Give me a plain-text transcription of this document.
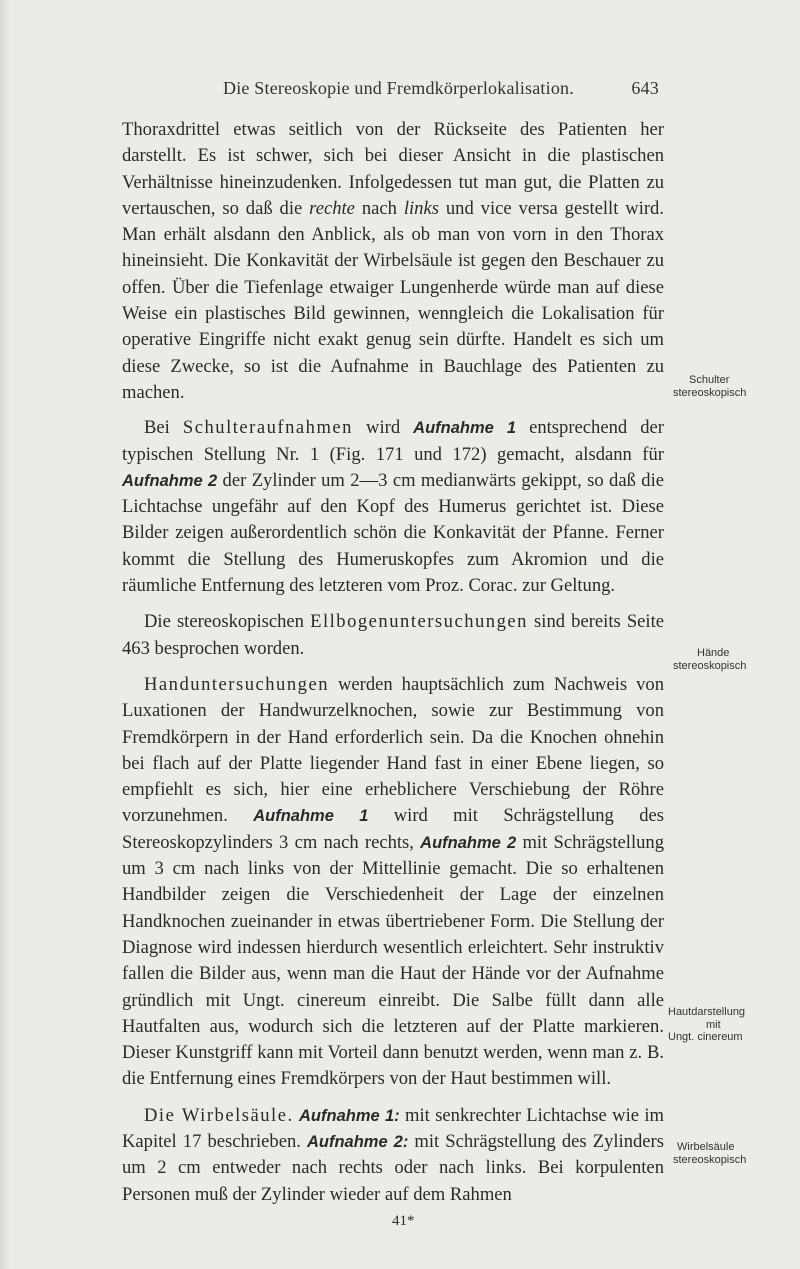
Die Stereoskopie und Fremdkörperlokalisation.	643

Thoraxdrittel etwas seitlich von der Rückseite des Patienten her darstellt. Es ist schwer, sich bei dieser Ansicht in die plastischen Verhältnisse hineinzudenken. Infolgedessen tut man gut, die Platten zu vertauschen, so daß die rechte nach links und vice versa gestellt wird. Man erhält alsdann den Anblick, als ob man von vorn in den Thorax hineinsieht. Die Konkavität der Wirbelsäule ist gegen den Beschauer zu offen. Über die Tiefenlage etwaiger Lungenherde würde man auf diese Weise ein plastisches Bild gewinnen, wenngleich die Lokalisation für operative Eingriffe nicht exakt genug sein dürfte. Handelt es sich um diese Zwecke, so ist die Aufnahme in Bauchlage des Patienten zu machen.

Bei Schulteraufnahmen wird Aufnahme 1 entsprechend der typischen Stellung Nr. 1 (Fig. 171 und 172) gemacht, alsdann für Aufnahme 2 der Zylinder um 2—3 cm medianwärts gekippt, so daß die Lichtachse ungefähr auf den Kopf des Humerus gerichtet ist. Diese Bilder zeigen außerordentlich schön die Konkavität der Pfanne. Ferner kommt die Stellung des Humeruskopfes zum Akromion und die räumliche Entfernung des letzteren vom Proz. Corac. zur Geltung.

Die stereoskopischen Ellbogenuntersuchungen sind bereits Seite 463 besprochen worden.

Handuntersuchungen werden hauptsächlich zum Nachweis von Luxationen der Handwurzelknochen, sowie zur Bestimmung von Fremdkörpern in der Hand erforderlich sein. Da die Knochen ohnehin bei flach auf der Platte liegender Hand fast in einer Ebene liegen, so empfiehlt es sich, hier eine erheblichere Verschiebung der Röhre vorzunehmen. Aufnahme 1 wird mit Schrägstellung des Stereoskopzylinders 3 cm nach rechts, Aufnahme 2 mit Schrägstellung um 3 cm nach links von der Mittellinie gemacht. Die so erhaltenen Handbilder zeigen die Verschiedenheit der Lage der einzelnen Handknochen zueinander in etwas übertriebener Form. Die Stellung der Diagnose wird indessen hierdurch wesentlich erleichtert. Sehr instruktiv fallen die Bilder aus, wenn man die Haut der Hände vor der Aufnahme gründlich mit Ungt. cinereum einreibt. Die Salbe füllt dann alle Hautfalten aus, wodurch sich die letzteren auf der Platte markieren. Dieser Kunstgriff kann mit Vorteil dann benutzt werden, wenn man z. B. die Entfernung eines Fremdkörpers von der Haut bestimmen will.

Die Wirbelsäule. Aufnahme 1: mit senkrechter Lichtachse wie im Kapitel 17 beschrieben. Aufnahme 2: mit Schrägstellung des Zylinders um 2 cm entweder nach rechts oder nach links. Bei korpulenten Personen muß der Zylinder wieder auf dem Rahmen

Schulter
stereoskopisch
Hände
stereoskopisch
Hautdarstellung
mit
Ungt. cinereum
Wirbelsäule
stereoskopisch
41*
